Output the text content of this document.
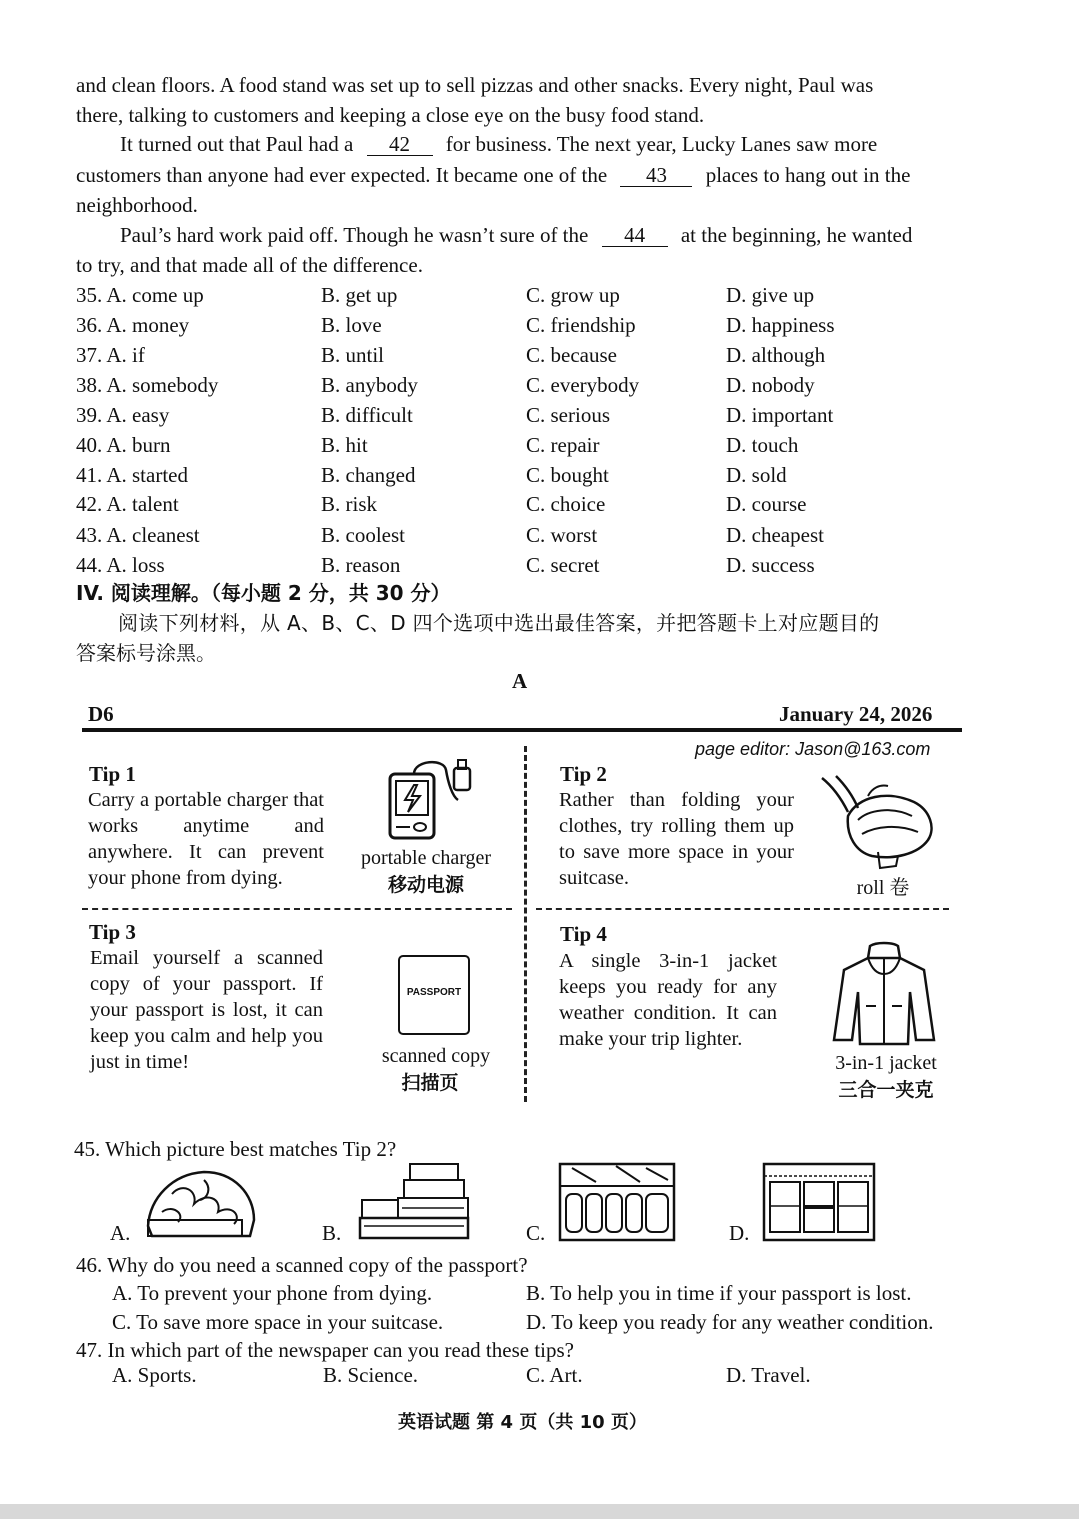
and clean floors. A food stand was set up to sell pizzas and other snacks. Every night, Paul was
there, talking to customers and keeping a close eye on the busy food stand.
It turned out that Paul had a 42 for business. The next year, Lucky Lanes saw more
customers than anyone had ever expected. It became one of the 43 places to hang out in the
neighborhood.
Paul’s hard work paid off. Though he wasn’t sure of the 44 at the beginning, he wanted
to try, and that made all of the difference.
35. A. come up	B. get up	C. grow up	D. give up
36. A. money	B. love	C. friendship	D. happiness
37. A. if	B. until	C. because	D. although
38. A. somebody	B. anybody	C. everybody	D. nobody
39. A. easy	B. difficult	C. serious	D. important
40. A. burn	B. hit	C. repair	D. touch
41. A. started	B. changed	C. bought	D. sold
42. A. talent	B. risk	C. choice	D. course
43. A. cleanest	B. coolest	C. worst	D. cheapest
44. A. loss	B. reason	C. secret	D. success
IV. 阅读理解。（每小题 2 分，共 30 分）
阅读下列材料，从 A、B、C、D 四个选项中选出最佳答案，并把答题卡上对应题目的
答案标号涂黑。
A
D6	January 24, 2026
page editor: Jason@163.com
Tip 1
Carry a portable charger that works anytime and anywhere. It can prevent your phone from dying.
portable charger
移动电源
Tip 2
Rather than folding your clothes, try rolling them up to save more space in your suitcase.	roll 卷
Tip 3
Email yourself a scanned copy of your passport. If your passport is lost, it can keep you calm and help you just in time!
PASSPORT
scanned copy
扫描页
Tip 4
A single 3-in-1 jacket keeps you ready for any weather condition. It can make your trip lighter.
3-in-1 jacket
三合一夹克
45. Which picture best matches Tip 2?
A.	B.	C.	D.
46. Why do you need a scanned copy of the passport?
A. To prevent your phone from dying.	B. To help you in time if your passport is lost.
C. To save more space in your suitcase.	D. To keep you ready for any weather condition.
47. In which part of the newspaper can you read these tips?
A. Sports.	B. Science.	C. Art.	D. Travel.
英语试题 第 4 页（共 10 页）
